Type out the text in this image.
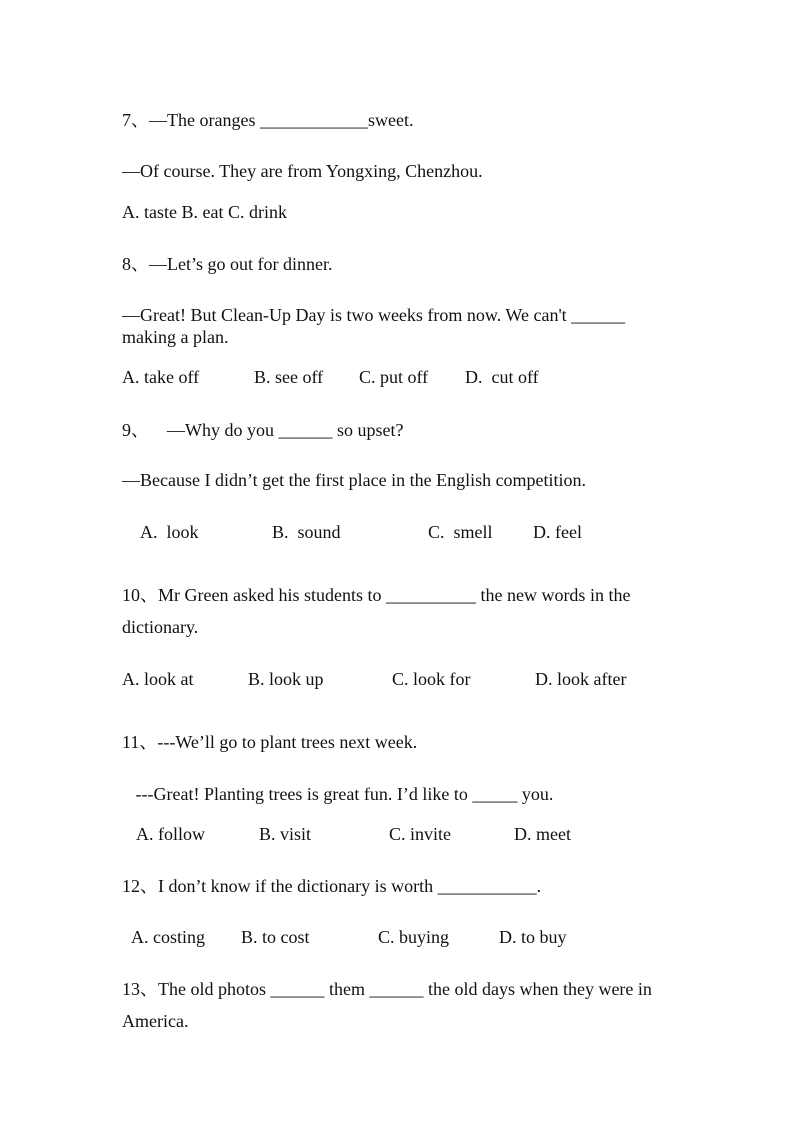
7、—The oranges ____________sweet.
—Of course. They are from Yongxing, Chenzhou.
A. taste B. eat C. drink
8、—Let’s go out for dinner.
—Great! But Clean-Up Day is two weeks from now. We can't ______ making a plan.
A. take off	B. see off C. put off D.  cut off
9、    —Why do you ______ so upset?
—Because I didn’t get the first place in the English competition.
A.  look	B.  sound	C.  smell D. feel
10、Mr Green asked his students to __________ the new words in the
dictionary.
A. look at	B. look up	C. look for	D. look after
11、---We’ll go to plant trees next week.
---Great! Planting trees is great fun. I’d like to _____ you.
A. follow	B. visit	C. invite	D. meet
12、I don’t know if the dictionary is worth ___________.
A. costing B. to cost	C. buying	D. to buy
13、The old photos ______ them ______ the old days when they were in
America.
